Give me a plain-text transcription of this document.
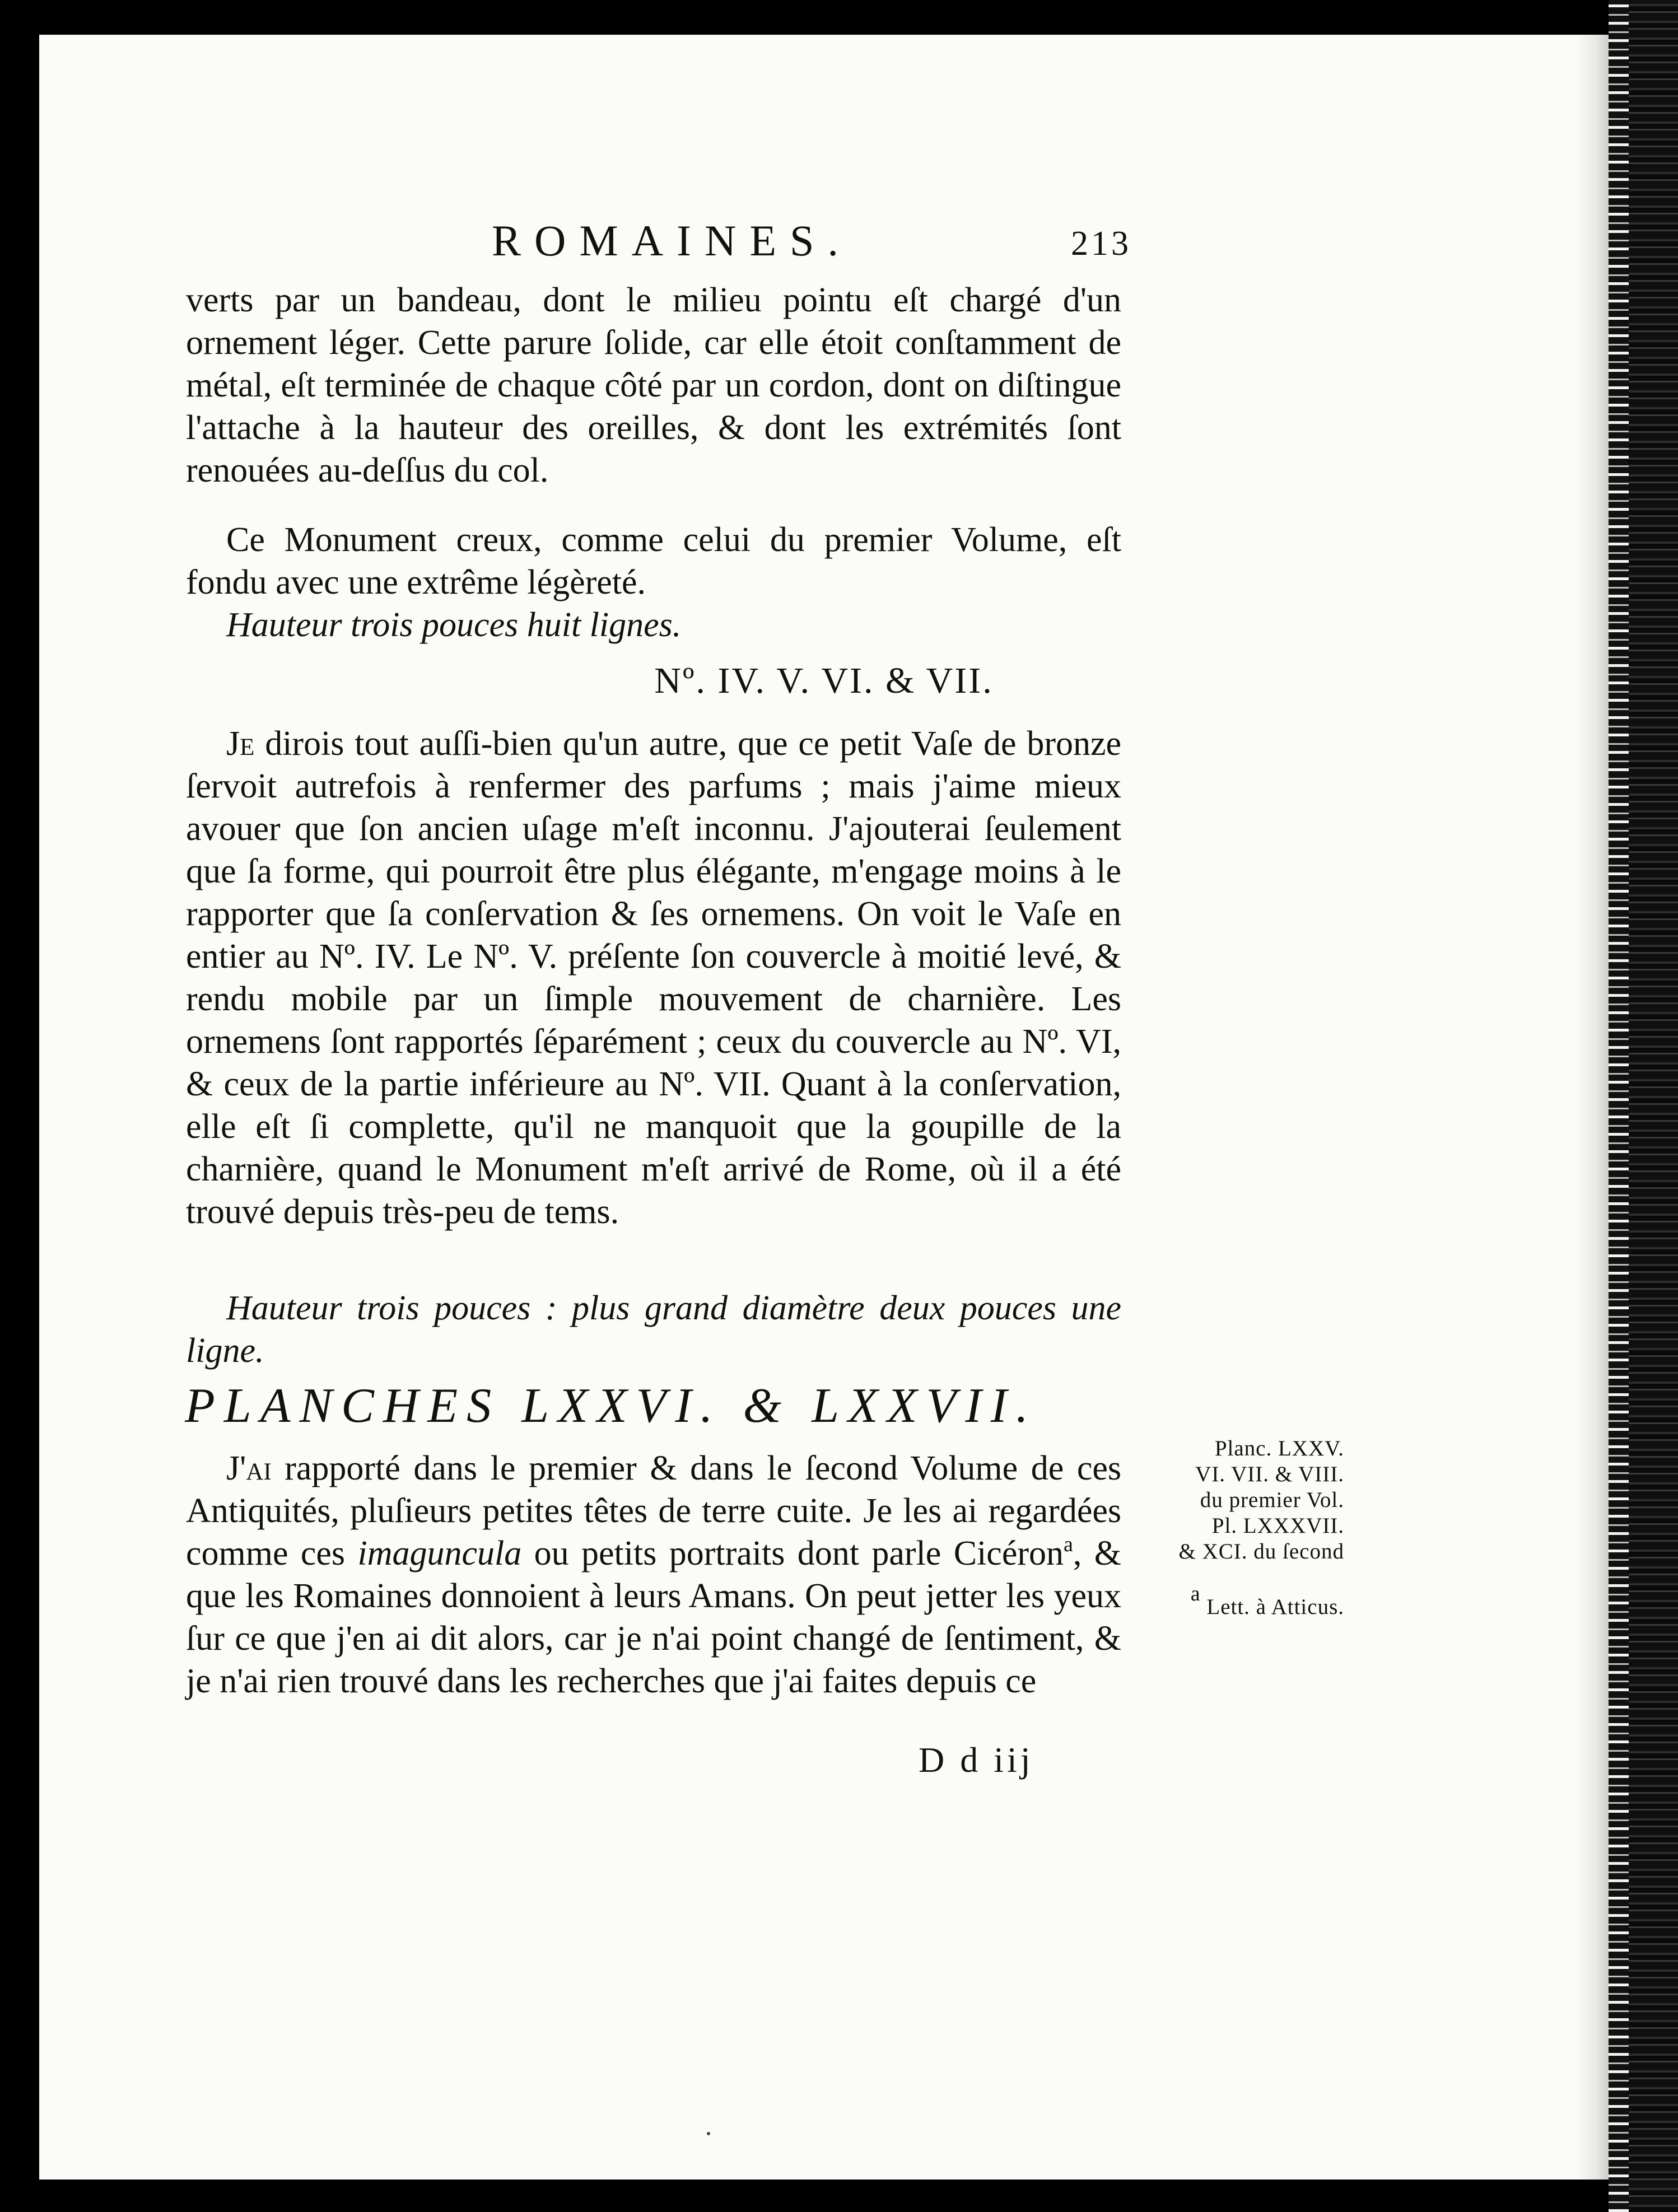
ROMAINES.	213

verts par un bandeau, dont le milieu pointu eſt chargé d'un ornement léger. Cette parure ſolide, car elle étoit conſtamment de métal, eſt terminée de chaque côté par un cordon, dont on diſtingue l'attache à la hauteur des oreilles, & dont les extrémités ſont renouées au-deſſus du col.

Ce Monument creux, comme celui du premier Volume, eſt fondu avec une extrême légèreté.

Hauteur trois pouces huit lignes.

Nº. IV. V. VI. & VII.

Je dirois tout auſſi-bien qu'un autre, que ce petit Vaſe de bronze ſervoit autrefois à renfermer des parfums ; mais j'aime mieux avouer que ſon ancien uſage m'eſt inconnu. J'ajouterai ſeulement que ſa forme, qui pourroit être plus élégante, m'engage moins à le rapporter que ſa conſervation & ſes ornemens. On voit le Vaſe en entier au Nº. IV. Le Nº. V. préſente ſon couvercle à moitié levé, & rendu mobile par un ſimple mouvement de charnière. Les ornemens ſont rapportés ſéparément ; ceux du couvercle au Nº. VI, & ceux de la partie inférieure au Nº. VII. Quant à la conſervation, elle eſt ſi complette, qu'il ne manquoit que la goupille de la charnière, quand le Monument m'eſt arrivé de Rome, où il a été trouvé depuis très-peu de tems.

Hauteur trois pouces : plus grand diamètre deux pouces une ligne.

PLANCHES LXXVI. & LXXVII.

J'ai rapporté dans le premier & dans le ſecond Volume de ces Antiquités, pluſieurs petites têtes de terre cuite. Je les ai regardées comme ces imaguncula ou petits portraits dont parle Cicéron$^a$, & que les Romaines donnoient à leurs Amans. On peut jetter les yeux ſur ce que j'en ai dit alors, car je n'ai point changé de ſentiment, & je n'ai rien trouvé dans les recherches que j'ai faites depuis ce

Planc. LXXV.
VI. VII. & VIII.
du premier Vol.
Pl. LXXXVII.
& XCI. du ſecond
a Lett. à Atticus.
D d iij
